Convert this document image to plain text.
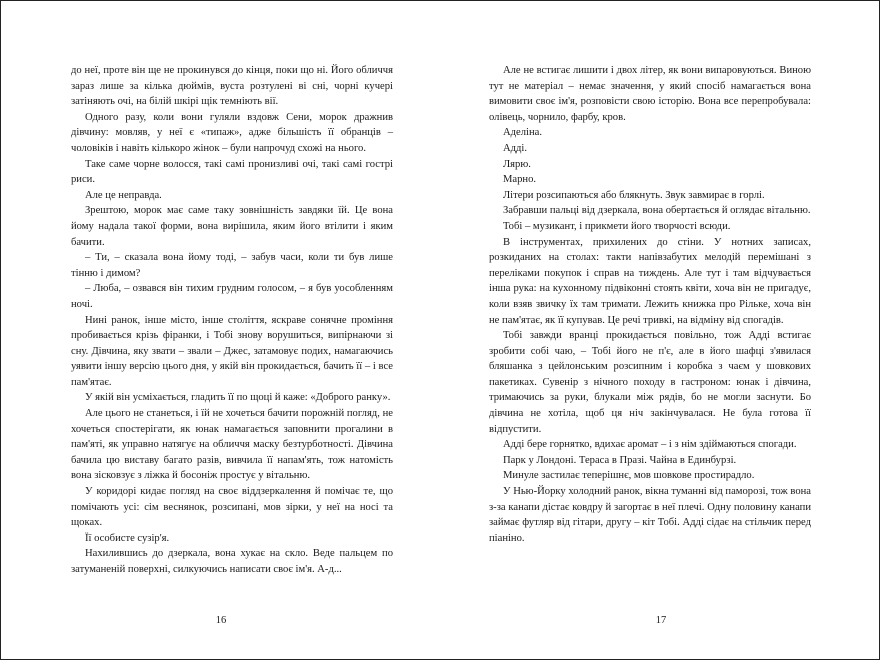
до неї, проте він ще не прокинувся до кінця, поки що ні. Його обличчя зараз лише за кілька дюймів, вуста розтулені ві сні, чорні кучері затіняють очі, на білій шкірі щік темніють вії.

Одного разу, коли вони гуляли вздовж Сени, морок дражнив дівчину: мовляв, у неї є «типаж», адже більшість її обранців – чоловіків і навіть кількоро жінок – були напрочуд схожі на нього.

Таке саме чорне волосся, такі самі пронизливі очі, такі самі гострі риси.

Але це неправда.

Зрештою, морок має саме таку зовнішність завдяки їй. Це вона йому надала такої форми, вона вирішила, яким його втілити і яким бачити.

– Ти, – сказала вона йому тоді, – забув часи, коли ти був лише тінню і димом?

– Люба, – озвався він тихим грудним голосом, – я був уособленням ночі.

Нині ранок, інше місто, інше століття, яскраве сонячне проміння пробивається крізь фіранки, і Тобі знову ворушиться, випірнаючи зі сну. Дівчина, яку звати – звали – Джес, затамовує подих, намагаючись уявити іншу версію цього дня, у якій він прокидається, бачить її – і все пам'ятає.

У якій він усміхається, гладить її по щоці й каже: «Доброго ранку».

Але цього не станеться, і їй не хочеться бачити порожній погляд, не хочеться спостерігати, як юнак намагається заповнити прогалини в пам'яті, як управно натягує на обличчя маску безтурботності. Дівчина бачила цю виставу багато разів, вивчила її напам'ять, тож натомість вона зісковзує з ліжка й босоніж простує у вітальню.

У коридорі кидає погляд на своє віддзеркалення й помічає те, що помічають усі: сім веснянок, розсипані, мов зірки, у неї на носі та щоках.

Її особисте сузір'я.

Нахилившись до дзеркала, вона хукає на скло. Веде пальцем по затуманеній поверхні, силкуючись написати своє ім'я. А-д...

16

Але не встигає лишити і двох літер, як вони випаровуються. Виною тут не матеріал – немає значення, у який спосіб намагається вона вимовити своє ім'я, розповісти свою історію. Вона все перепробувала: олівець, чорнило, фарбу, кров.

Аделіна.

Адді.

Лярю.

Марно.

Літери розсипаються або блякнуть. Звук завмирає в горлі.

Забравши пальці від дзеркала, вона обертається й оглядає вітальню.

Тобі – музикант, і прикмети його творчості всюди.

В інструментах, прихилених до стіни. У нотних записах, розкиданих на столах: такти напівзабутих мелодій перемішані з переліками покупок і справ на тиждень. Але тут і там відчувається інша рука: на кухонному підвіконні стоять квіти, хоча він не пригадує, коли взяв звичку їх там тримати. Лежить книжка про Рільке, хоча він не пам'ятає, як її купував. Це речі тривкі, на відміну від спогадів.

Тобі завжди вранці прокидається повільно, тож Адді встигає зробити собі чаю, – Тобі його не п'є, але в його шафці з'явилася бляшанка з цейлонським розсипним і коробка з чаєм у шовкових пакетиках. Сувенір з нічного походу в гастроном: юнак і дівчина, тримаючись за руки, блукали між рядів, бо не могли заснути. Бо дівчина не хотіла, щоб ця ніч закінчувалася. Не була готова її відпустити.

Адді бере горнятко, вдихає аромат – і з нім здіймаються спогади.

Парк у Лондоні. Тераса в Празі. Чайна в Единбурзі.

Минуле застилає теперішнє, мов шовкове простирадло.

У Нью-Йорку холодний ранок, вікна туманні від паморозі, тож вона з-за канапи дістає ковдру й загортає в неї плечі. Одну половину канапи займає футляр від гітари, другу – кіт Тобі. Адді сідає на стільчик перед піаніно.

17
